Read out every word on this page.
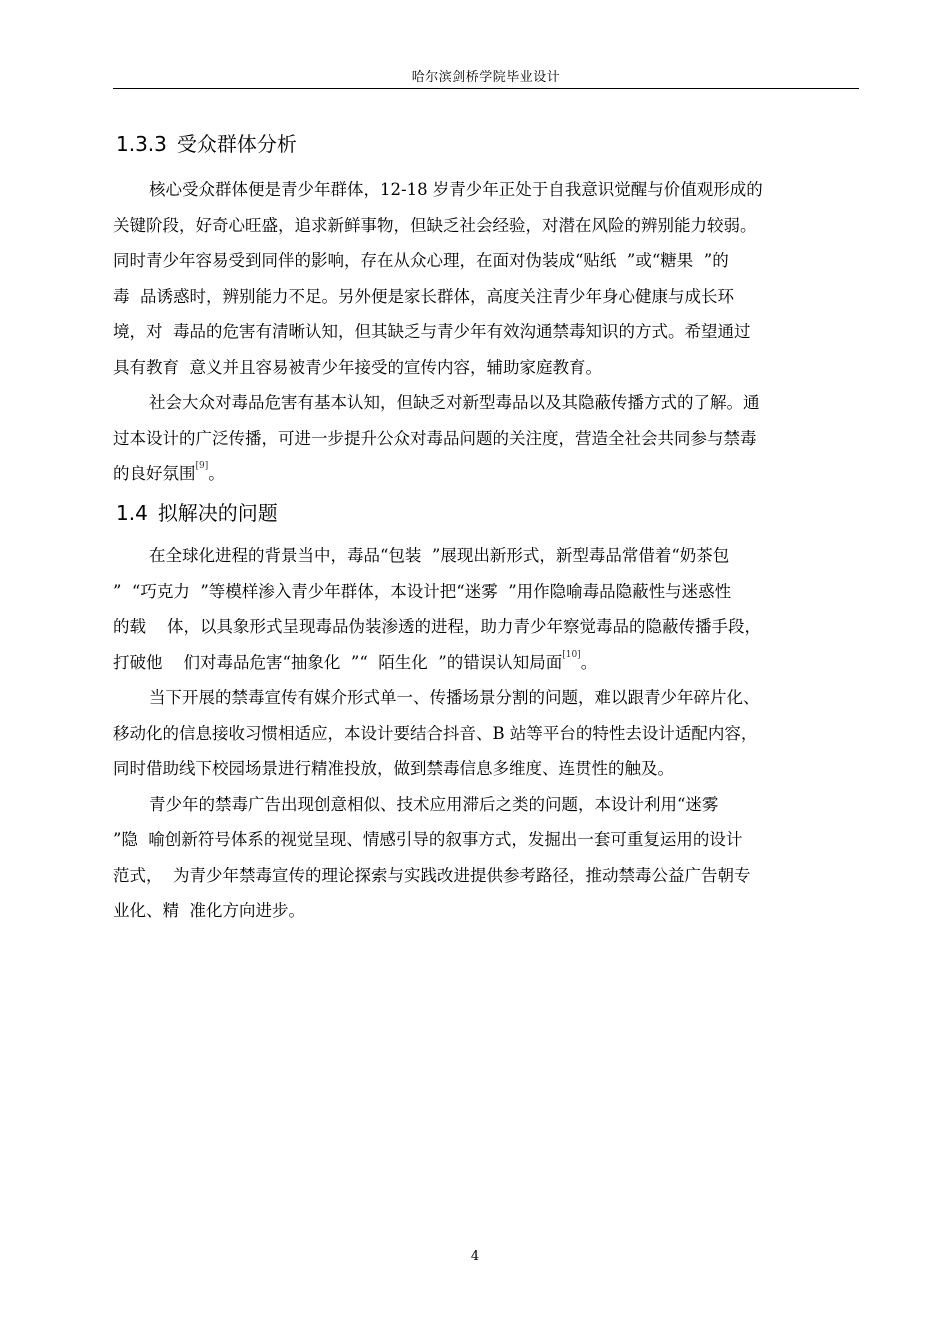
哈尔滨剑桥学院毕业设计
1.3.3 受众群体分析
核心受众群体便是青少年群体，12-18 岁青少年正处于自我意识觉醒与价值观形成的
关键阶段，好奇心旺盛，追求新鲜事物，但缺乏社会经验，对潜在风险的辨别能力较弱。
同时青少年容易受到同伴的影响，存在从众心理，在面对伪装成“贴纸  ”或“糖果  ”的
毒  品诱惑时，辨别能力不足。另外便是家长群体，高度关注青少年身心健康与成长环
境，对  毒品的危害有清晰认知，但其缺乏与青少年有效沟通禁毒知识的方式。希望通过
具有教育  意义并且容易被青少年接受的宣传内容，辅助家庭教育。
社会大众对毒品危害有基本认知，但缺乏对新型毒品以及其隐蔽传播方式的了解。通
过本设计的广泛传播，可进一步提升公众对毒品问题的关注度，营造全社会共同参与禁毒
的良好氛围[9]。
1.4 拟解决的问题
在全球化进程的背景当中，毒品“包装  ”展现出新形式，新型毒品常借着“奶茶包
”  “巧克力  ”等模样渗入青少年群体，本设计把“迷雾  ”用作隐喻毒品隐蔽性与迷惑性
的载    体，以具象形式呈现毒品伪装渗透的进程，助力青少年察觉毒品的隐蔽传播手段，
打破他    们对毒品危害“抽象化  ”“  陌生化  ”的错误认知局面[10]。
当下开展的禁毒宣传有媒介形式单一、传播场景分割的问题，难以跟青少年碎片化、
移动化的信息接收习惯相适应，本设计要结合抖音、B 站等平台的特性去设计适配内容，
同时借助线下校园场景进行精准投放，做到禁毒信息多维度、连贯性的触及。
青少年的禁毒广告出现创意相似、技术应用滞后之类的问题，本设计利用“迷雾
”隐  喻创新符号体系的视觉呈现、情感引导的叙事方式，发掘出一套可重复运用的设计
范式，  为青少年禁毒宣传的理论探索与实践改进提供参考路径，推动禁毒公益广告朝专
业化、精  准化方向进步。
4
